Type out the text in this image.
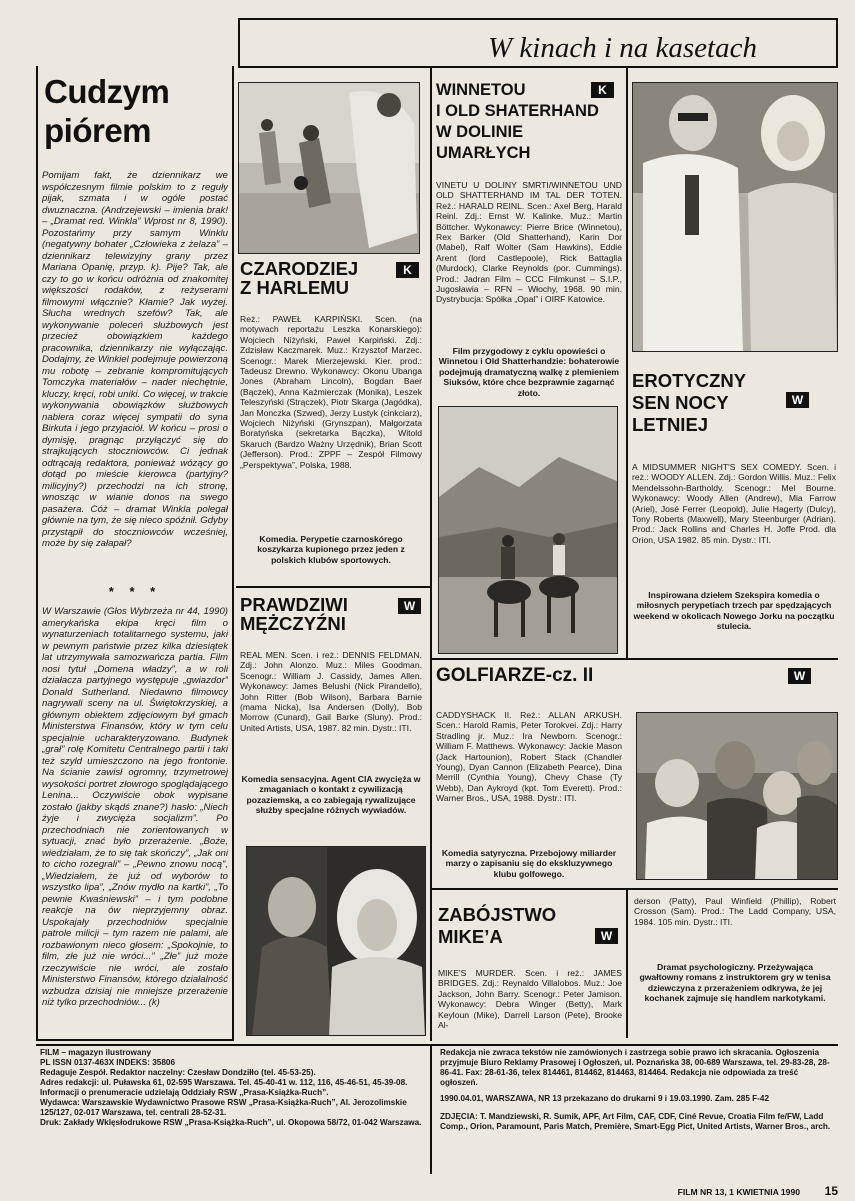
W kinach i na kasetach
Cudzym piórem
Pomijam fakt, że dziennikarz we współczesnym filmie polskim to z reguły pijak, szmata i w ogóle postać dwuznaczna. (Andrzejewski – imienia brak! – „Dramat red. Winkla” Wprost nr 8, 1990). Pozostańmy przy samym Winklu (negatywny bohater „Człowieka z żelaza” – dziennikarz telewizyjny grany przez Mariana Opanię, przyp. k). Pije? Tak, ale czy to go w końcu odróżnia od znakomitej większości rodaków, z reżyserami filmowymi włącznie? Kłamie? Jak wyżej. Słucha wrednych szefów? Tak, ale wykonywanie poleceń służbowych jest przecież obowiązkiem każdego pracownika, dziennikarzy nie wyłączając. Dodajmy, że Winkiel podejmuje powierzoną mu robotę – zebranie kompromitujących Tomczyka materiałów – nader niechętnie, kluczy, kręci, robi uniki. Co więcej, w trakcie wykonywania obowiązków służbowych nabiera coraz więcej sympatii do syna Birkuta i jego przyjaciół. W końcu – prosi o dymisję, pragnąc przyłączyć się do strajkujących stoczniowców. Ci jednak odtrącają redaktora, ponieważ wózący go dotąd po mieście kierowca (partyjny? milicyjny?) przechodzi na ich stronę, wnosząc w wianie donos na swego pasażera. Cóż – dramat Winkla polegał głównie na tym, że się nieco spóźnił. Gdyby przystąpił do stoczniowców wcześniej, może by się załapał?
* * *
W Warszawie (Głos Wybrzeża nr 44, 1990) amerykańska ekipa kręci film o wynaturzeniach totalitarnego systemu, jaki w pewnym państwie przez kilka dziesiątek lat utrzymywała samozwańcza partia. Film nosi tytuł „Domena władzy”, a w roli działacza partyjnego występuje „gwiazdor” Donald Sutherland. Niedawno filmowcy nagrywali sceny na ul. Świętokrzyskiej, a głównym obiektem zdjęciowym był gmach Ministerstwa Finansów, który w tym celu specjalnie ucharakteryzowano. Budynek „grał” rolę Komitetu Centralnego partii i taki też szyld umieszczono na jego frontonie. Na ścianie zawisł ogromny, trzymetrowej wysokości portret złowrogo spoglądającego Lenina... Oczywiście obok wypisane zostało (jakby skądś znane?) hasło: „Niech żyje i zwycięża socjalizm”. Po przechodniach nie zorientowanych w sytuacji, znać było przerażenie. „Boże, wiedziałam, że to się tak skończy”, „Jak oni to cicho rozegrali” – „Pewno znowu nocą”, „Wiedziałem, że już od wyborów to wszystko lipa”, „Znów mydło na kartki”, „To pewnie Kwaśniewski” – i tym podobne reakcje na ów nieprzyjemny obraz. Uspokajały przechodniów specjalnie patrole milicji – tym razem nie palami, ale rozbawionym nieco głosem: „Spokojnie, to film, złe już nie wróci...” „Złe” już może rzeczywiście nie wróci, ale zostało Ministerstwo Finansów, którego działalność wzbudza dzisiaj nie mniejsze przerażenie niż tylko przechodniów... (k)
CZARODZIEJ
Z HARLEMU
K
Reż.: PAWEŁ KARPIŃSKI. Scen. (na motywach reportażu Leszka Konarskiego): Wojciech Niżyński, Paweł Karpiński. Zdj.: Zdzisław Kaczmarek. Muz.: Krzysztof Marzec. Scenogr.: Marek Mierzejewski. Kier. prod.: Tadeusz Drewno. Wykonawcy: Okonu Ubanga Jones (Abraham Lincoln), Bogdan Baer (Bączek), Anna Kaźmierczak (Monika), Leszek Teleszyński (Strączek), Piotr Skarga (Jagódka), Jan Monczka (Szwed), Jerzy Lustyk (cinkciarz), Wojciech Niżyński (Grynszpan), Małgorzata Boratyńska (sekretarka Bączka), Witold Skaruch (Bardzo Ważny Urzędnik), Brian Scott (Jefferson). Prod.: ZPPF – Zespół Filmowy „Perspektywa”, Polska, 1988.
Komedia. Perypetie czarnoskórego koszykarza kupionego przez jeden z polskich klubów sportowych.
PRAWDZIWI
MĘŻCZYŹNI
W
REAL MEN. Scen. i reż.: DENNIS FELDMAN. Zdj.: John Alonzo. Muz.: Miles Goodman. Scenogr.: William J. Cassidy, James Allen. Wykonawcy: James Belushi (Nick Pirandello), John Ritter (Bob Wilson), Barbara Barnie (mama Nicka), Isa Andersen (Dolly), Bob Morrow (Cunard), Gail Barke (Sluny). Prod.: United Artists, USA, 1987. 82 min. Dystr.: ITI.
Komedia sensacyjna. Agent CIA zwycięża w zmaganiach o kontakt z cywilizacją pozaziemską, a co zabiegają rywalizujące służby specjalne różnych wywiadów.
WINNETOU
I OLD SHATERHAND
W DOLINIE
UMARŁYCH
K
VINETU U DOLINY SMRTI/WINNETOU UND OLD SHATTERHAND IM TAL DER TOTEN. Reż.: HARALD REINL. Scen.: Axel Berg, Harald Reinl. Zdj.: Ernst W. Kalinke. Muz.: Martin Böttcher. Wykonawcy: Pierre Brice (Winnetou), Rex Barker (Old Shatterhand), Karin Dor (Mabel), Ralf Wolter (Sam Hawkins), Eddie Arent (lord Castlepoole), Rick Battaglia (Murdock), Clarke Reynolds (por. Cummings). Prod.: Jadran Film – CCC Filmkunst – S.I.P., Jugosławia – RFN – Włochy, 1968. 90 min. Dystrybucja: Spółka „Opal” i OIRF Katowice.
Film przygodowy z cyklu opowieści o Winnetou i Old Shatterhandzie: bohaterowie podejmują dramatyczną walkę z plemieniem Siuksów, które chce bezprawnie zagarnąć złoto.
EROTYCZNY
SEN NOCY
LETNIEJ
W
A MIDSUMMER NIGHT'S SEX COMEDY. Scen. i reż.: WOODY ALLEN. Zdj.: Gordon Willis. Muz.: Felix Mendelssohn-Bartholdy. Scenogr.: Mel Bourne. Wykonawcy: Woody Allen (Andrew), Mia Farrow (Ariel), José Ferrer (Leopold), Julie Hagerty (Dulcy), Tony Roberts (Maxwell), Mary Steenburger (Adrian). Prod.: Jack Rollins and Charles H. Joffe Prod. dla Orion, USA 1982. 85 min. Dystr.: ITI.
Inspirowana dziełem Szekspira komedia o miłosnych perypetiach trzech par spędzających weekend w okolicach Nowego Jorku na początku stulecia.
GOLFIARZE-cz. II	W
CADDYSHACK II. Reż.: ALLAN ARKUSH. Scen.: Harold Ramis, Peter Torokvei. Zdj.: Harry Stradling jr. Muz.: Ira Newborn. Scenogr.: William F. Matthews. Wykonawcy: Jackie Mason (Jack Hartounion), Robert Stack (Chandler Young), Dyan Cannon (Elizabeth Pearce), Dina Merrill (Cynthia Young), Chevy Chase (Ty Webb), Dan Aykroyd (kpt. Tom Everett). Prod.: Warner Bros., USA, 1988. Dystr.: ITI.
Komedia satyryczna. Przebojowy miliarder marzy o zapisaniu się do ekskluzywnego klubu golfowego.
ZABÓJSTWO
MIKE’A	W
MIKE'S MURDER. Scen. i reż.: JAMES BRIDGES. Zdj.: Reynaldo Villalobos. Muz.: Joe Jackson, John Barry. Scenogr.: Peter Jamison. Wykonawcy: Debra Winger (Betty), Mark Keyloun (Mike), Darrell Larson (Pete), Brooke Al-
derson (Patty), Paul Winfield (Phillip), Robert Crosson (Sam). Prod.: The Ladd Company, USA, 1984. 105 min. Dystr.: ITI.
Dramat psychologiczny. Przeżywająca gwałtowny romans z instruktorem gry w tenisa dziewczyna z przerażeniem odkrywa, że jej kochanek zajmuje się handlem narkotykami.
FILM – magazyn ilustrowany
PL ISSN 0137-463X INDEKS: 35806
Redaguje Zespół. Redaktor naczelny: Czesław Dondziłło (tel. 45-53-25).
Adres redakcji: ul. Puławska 61, 02-595 Warszawa. Tel. 45-40-41 w. 112, 116, 45-46-51, 45-39-08.
Informacji o prenumeracie udzielają Oddziały RSW „Prasa-Książka-Ruch”.
Wydawca: Warszawskie Wydawnictwo Prasowe RSW „Prasa-Książka-Ruch”, Al. Jerozolimskie 125/127, 02-017 Warszawa, tel. centrali 28-52-31.
Druk: Zakłady Wklęsłodrukowe RSW „Prasa-Książka-Ruch”, ul. Okopowa 58/72, 01-042 Warszawa.
Redakcja nie zwraca tekstów nie zamówionych i zastrzega sobie prawo ich skracania. Ogłoszenia przyjmuje Biuro Reklamy Prasowej i Ogłoszeń, ul. Poznańska 38, 00-689 Warszawa, tel. 29-83-28, 28-86-41. Fax: 28-61-36, telex 814461, 814462, 814463, 814464. Redakcja nie odpowiada za treść ogłoszeń.
1990.04.01, WARSZAWA, NR 13 przekazano do drukarni 9 i 19.03.1990. Zam. 285 F-42
ZDJĘCIA: T. Mandziewski, R. Sumik, APF, Art Film, CAF, CDF, Ciné Revue, Croatia Film fe/FW, Ladd Comp., Orion, Paramount, Paris Match, Première, Smart-Egg Pict, United Artists, Warner Bros., arch.
FILM NR 13, 1 KWIETNIA 1990	15
